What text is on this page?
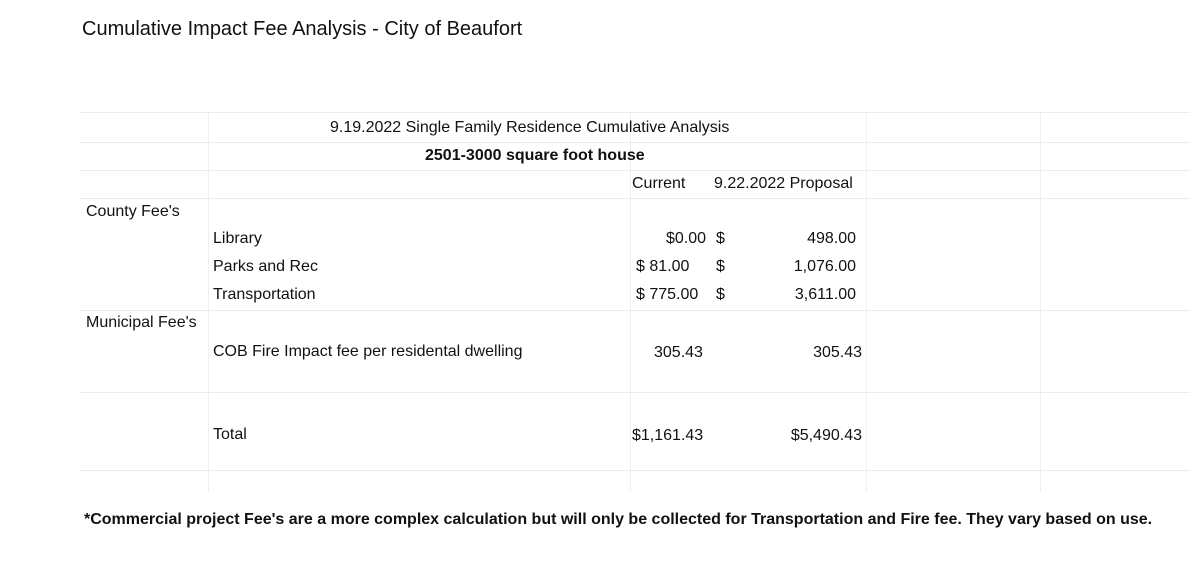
Cumulative Impact Fee Analysis - City of Beaufort
9.19.2022 Single Family Residence Cumulative Analysis
2501-3000 square foot house
Current 9.22.2022 Proposal
County Fee's
Library	$0.00 $	498.00
Parks and Rec	$ 81.00 $	1,076.00
Transportation	$ 775.00 $	3,611.00
Municipal Fee's
COB Fire Impact fee per residental dwelling	305.43	305.43
Total	$1,161.43	$5,490.43
*Commercial project Fee's are a more complex calculation but will only be collected for Transportation and Fire fee. They vary based on use.
